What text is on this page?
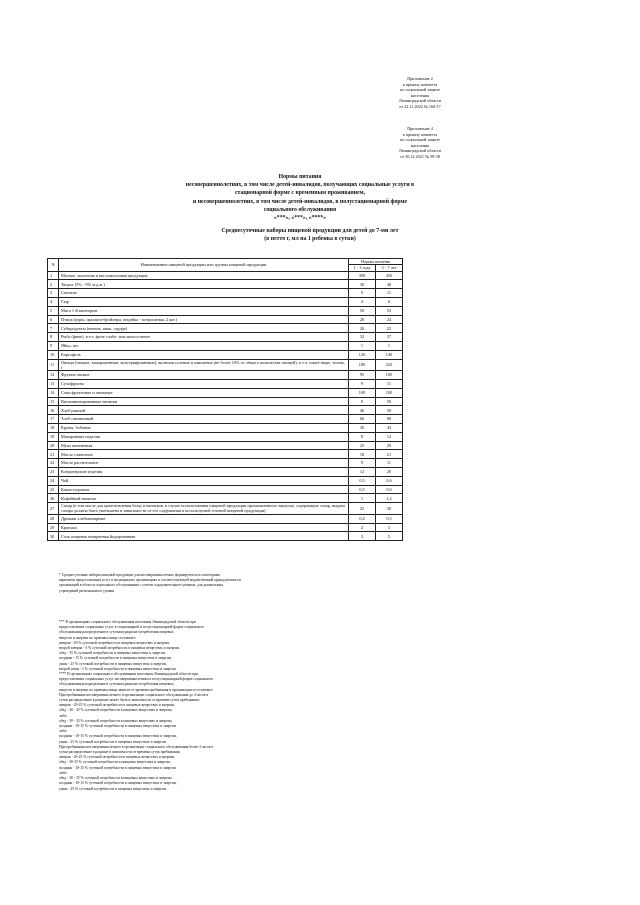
Приложение 2
к приказу комитета
по социальной защите
населения
Ленинградской области
от 22.11.2022 № 160-17
Приложение 4
к приказу комитета
по социальной защите
населения
Ленинградской области
от 30.12.2021 № 39-38
Нормы питания
несовершеннолетних, в том числе детей-инвалидов, получающих социальные услуги в
стационарной форме с временным проживанием,
и несовершеннолетних, в том числе детей-инвалидов, в полустационарной форме
социального обслуживания
«***», «***», «****»
Среднесуточные наборы пищевой продукции для детей до 7-ми лет
(в нетто г, мл на 1 ребенка в сутки)
N	Наименование пищевой продукции или группы пищевой продукции	Нормы питания	
		1 - 3 года	3 - 7 лет
1	Молоко, молочная и кисломолочная продукция	390	450
2	Творог (5% - 9% м.д.ж.)	30	40
3	Сметана	9	11
4	Сыр	4	6
5	Мясо 1-й категории	50	55
6	Птица (куры, цыплята-бройлеры, индейка - потрошеная, 2 кат.)	20	24
7	Субпродукты (печень, язык, сердце)	20	25
8	Рыба (филе), в т.ч. филе слабо- или малосоленое	32	37
9	Яйцо, шт.	1	1
10	Картофель	120	140
11	Овощи (свежие, замороженные, консервированные), включая соленые и квашеные (не более 10% от общего количества овощей), в т.ч. томат-пюре, зелень, г	180	220
12	Фрукты свежие	95	100
13	Сухофрукты	9	11
14	Соки фруктовые и овощные	100	100
15	Витаминизированные напитки	0	50
16	Хлеб ржаной	40	50
17	Хлеб пшеничный	60	80
18	Крупы, бобовые	30	43
19	Макаронные изделия	8	12
20	Мука пшеничная	25	29
21	Масло сливочное	18	21
22	Масло растительное	9	11
23	Кондитерские изделия	12	20
24	Чай	0,5	0,6
25	Какао-порошок	0,5	0,6
26	Кофейный напиток	1	1,2
27	Сахар (в том числе для приготовления блюд и напитков, в случае использования пищевой продукции промышленного выпуска, содержащих сахар, выдача сахара должна быть уменьшена в зависимости от его содержания в используемой готовой пищевой продукции)	25	30
28	Дрожжи хлебопекарные	0,4	0,5
29	Крахмал	2	3
30	Соль пищевая поваренная йодированная	3	5
* Среднесуточные наборы пищевой продукции для несовершеннолетних формируются по категориям
вариантов предоставления услуг в медицинских организациях и соответствующей ведомственной принадлежности
организаций в области социального обслуживания с учетом оздоровительного режима, для дошкольных
учреждений регионального уровня
*** В организациях социального обслуживания населения Ленинградской области при
предоставлении социальных услуг в стационарной и полустационарной форме социального
обслуживания распределение в суточном рационе потребления пищевых
веществ и энергии по приемам пищи составляет:
завтрак - 20 % суточной потребности в пищевых веществах и энергии,
второй завтрак - 5 % суточной потребности в пищевых веществах и энергии,
обед - 35 % суточной потребности в пищевых веществах и энергии,
полдник - 15 % суточной потребности в пищевых веществах и энергии,
ужин - 25 % суточной потребности в пищевых веществах и энергии,
второй ужин - 5 % суточной потребности в пищевых веществах и энергии.
**** В организациях социального обслуживания населения Ленинградской области при
предоставлении социальных услуг несовершеннолетним в полустационарной форме социального
обслуживания распределение в суточном рационе потребления пищевых
веществ и энергии по приемам пищи зависит от времени пребывания в организации и составляет:
При пребывании несовершеннолетнего в организации социального обслуживания до 4 часов в
сутки распределение в рационе может быть в зависимости от времени суток пребывания:
завтрак - 20-25 % суточной потребности в пищевых веществах и энергии,
обед - 30 - 35 % суточной потребности в пищевых веществах и энергии,
либо
обед - 30 - 35 % суточной потребности в пищевых веществах и энергии,
полдник - 10-15 % суточной потребности в пищевых веществах и энергии
либо
полдник - 10-15 % суточной потребности в пищевых веществах и энергии,
ужин - 25 % суточной потребности в пищевых веществах и энергии.
При пребывании несовершеннолетнего в организации социального обслуживания более 4 часов в
сутки распределение в рационе в зависимости от времени суток пребывания:
завтрак - 20-25 % суточной потребности в пищевых веществах и энергии,
обед - 30-35 % суточной потребности в пищевых веществах и энергии,
полдник - 10-15 % суточной потребности в пищевых веществах и энергии
либо
обед - 30 - 35 % суточной потребности в пищевых веществах и энергии,
полдник - 10-15 % суточной потребности в пищевых веществах и энергии,
ужин - 25 % суточной потребности в пищевых веществах и энергии.
